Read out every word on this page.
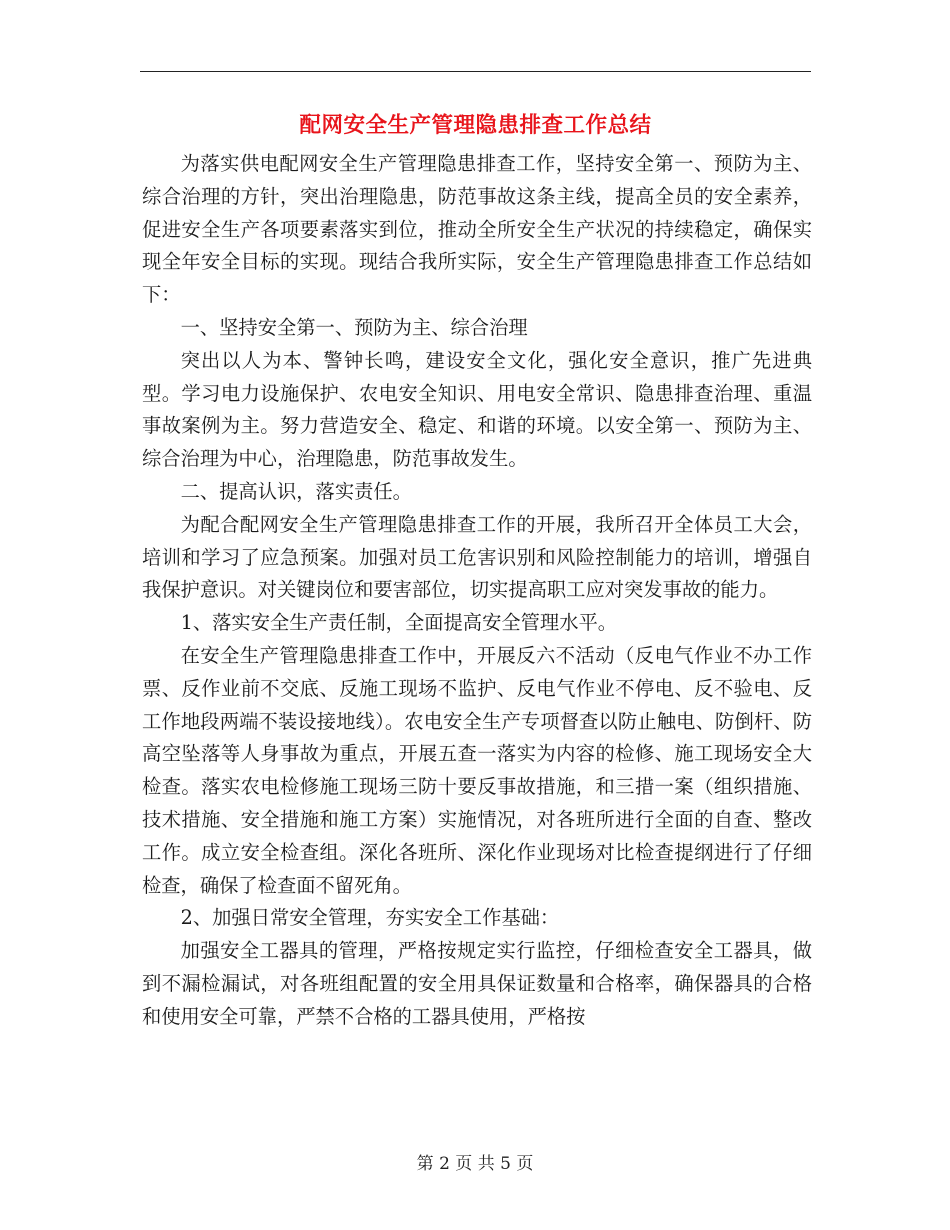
配网安全生产管理隐患排查工作总结

为落实供电配网安全生产管理隐患排查工作，坚持安全第一、预防为主、综合治理的方针，突出治理隐患，防范事故这条主线，提高全员的安全素养，促进安全生产各项要素落实到位，推动全所安全生产状况的持续稳定，确保实现全年安全目标的实现。现结合我所实际，安全生产管理隐患排查工作总结如下：

一、坚持安全第一、预防为主、综合治理

突出以人为本、警钟长鸣，建设安全文化，强化安全意识，推广先进典型。学习电力设施保护、农电安全知识、用电安全常识、隐患排查治理、重温事故案例为主。努力营造安全、稳定、和谐的环境。以安全第一、预防为主、综合治理为中心，治理隐患，防范事故发生。

二、提高认识，落实责任。

为配合配网安全生产管理隐患排查工作的开展，我所召开全体员工大会，培训和学习了应急预案。加强对员工危害识别和风险控制能力的培训，增强自我保护意识。对关键岗位和要害部位，切实提高职工应对突发事故的能力。

1、落实安全生产责任制，全面提高安全管理水平。

在安全生产管理隐患排查工作中，开展反六不活动（反电气作业不办工作票、反作业前不交底、反施工现场不监护、反电气作业不停电、反不验电、反工作地段两端不装设接地线）。农电安全生产专项督查以防止触电、防倒杆、防高空坠落等人身事故为重点，开展五查一落实为内容的检修、施工现场安全大检查。落实农电检修施工现场三防十要反事故措施，和三措一案（组织措施、技术措施、安全措施和施工方案）实施情况，对各班所进行全面的自查、整改工作。成立安全检查组。深化各班所、深化作业现场对比检查提纲进行了仔细检查，确保了检查面不留死角。

2、加强日常安全管理，夯实安全工作基础：

加强安全工器具的管理，严格按规定实行监控，仔细检查安全工器具，做到不漏检漏试，对各班组配置的安全用具保证数量和合格率，确保器具的合格和使用安全可靠，严禁不合格的工器具使用，严格按

第 2 页 共 5 页
